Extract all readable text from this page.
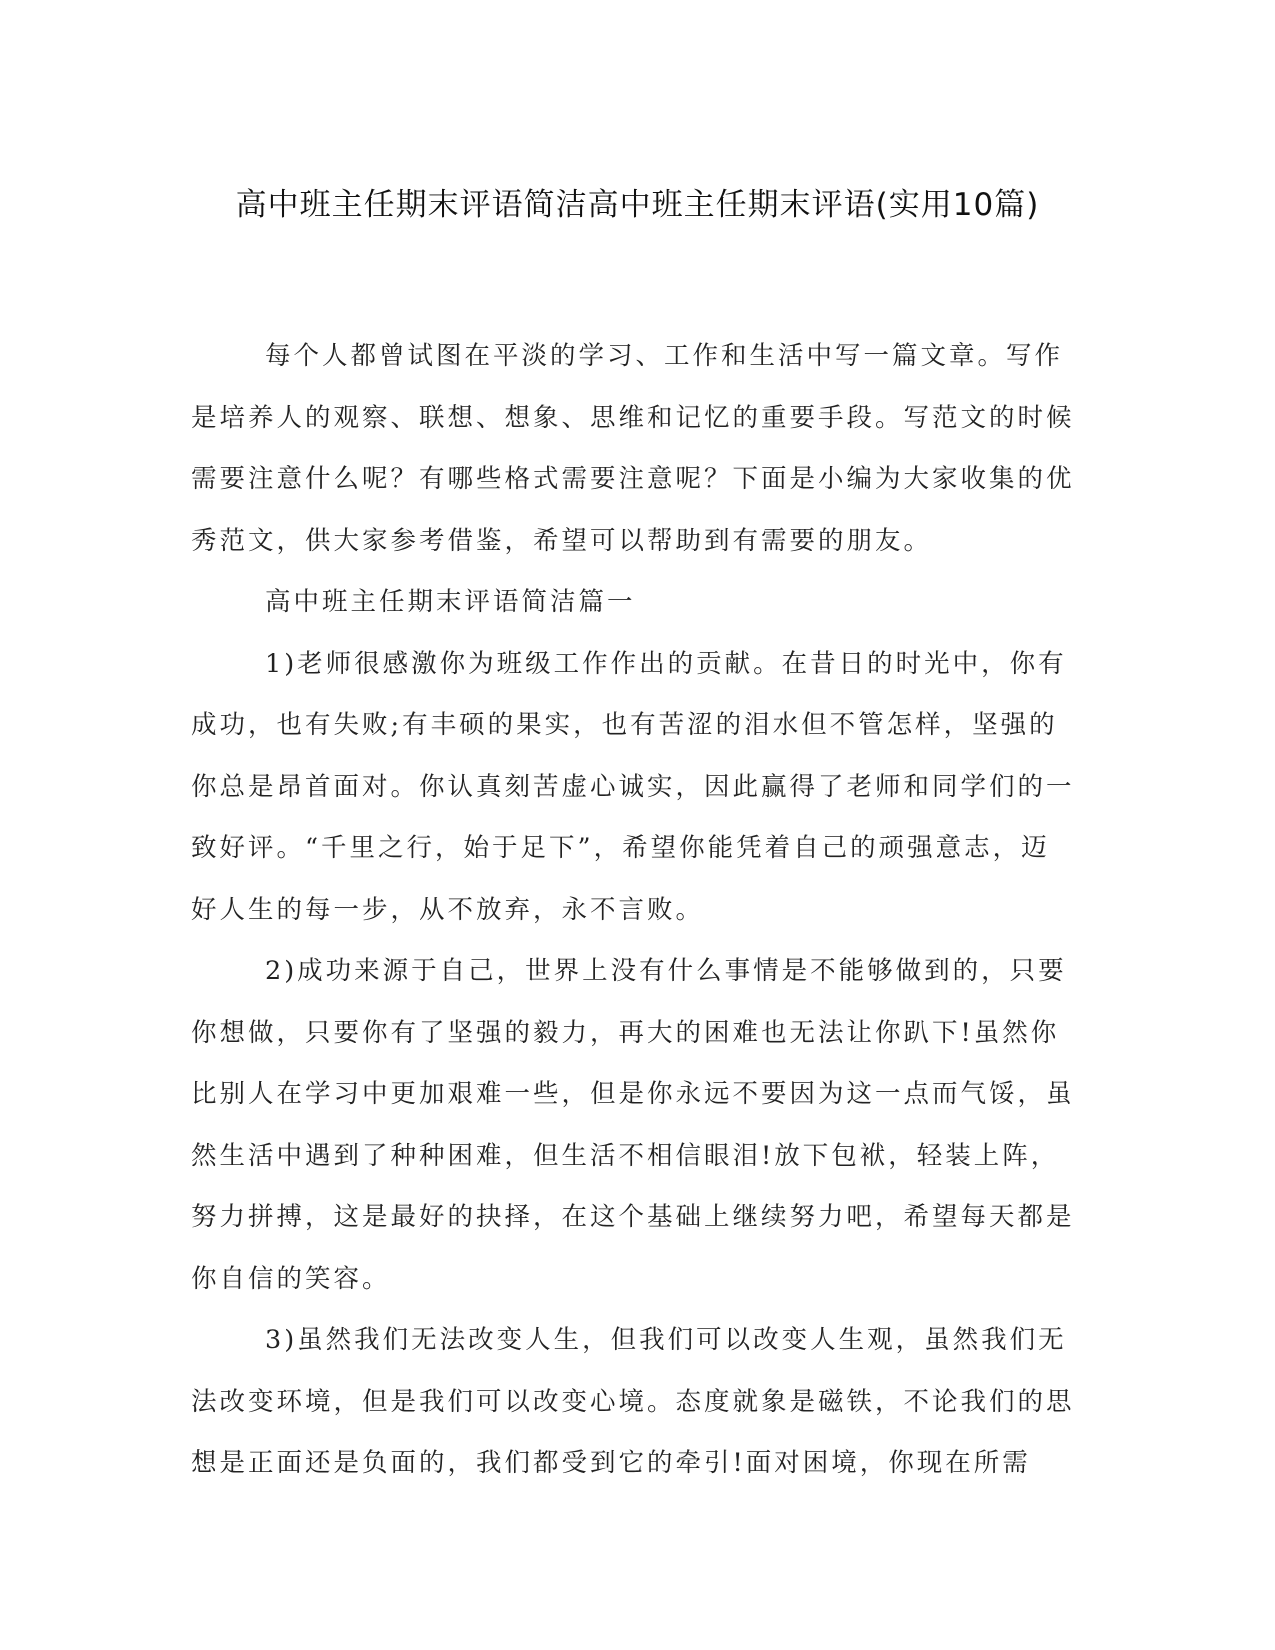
高中班主任期末评语简洁高中班主任期末评语(实用10篇)

每个人都曾试图在平淡的学习、工作和生活中写一篇文章。写作是培养人的观察、联想、想象、思维和记忆的重要手段。写范文的时候需要注意什么呢？有哪些格式需要注意呢？下面是小编为大家收集的优秀范文，供大家参考借鉴，希望可以帮助到有需要的朋友。

高中班主任期末评语简洁篇一

1)老师很感激你为班级工作作出的贡献。在昔日的时光中，你有成功，也有失败;有丰硕的果实，也有苦涩的泪水但不管怎样，坚强的你总是昂首面对。你认真刻苦虚心诚实，因此赢得了老师和同学们的一致好评。“千里之行，始于足下”，希望你能凭着自己的顽强意志，迈好人生的每一步，从不放弃，永不言败。

2)成功来源于自己，世界上没有什么事情是不能够做到的，只要你想做，只要你有了坚强的毅力，再大的困难也无法让你趴下!虽然你比别人在学习中更加艰难一些，但是你永远不要因为这一点而气馁，虽然生活中遇到了种种困难，但生活不相信眼泪!放下包袱，轻装上阵，努力拼搏，这是最好的抉择，在这个基础上继续努力吧，希望每天都是你自信的笑容。

3)虽然我们无法改变人生，但我们可以改变人生观，虽然我们无法改变环境，但是我们可以改变心境。态度就象是磁铁，不论我们的思想是正面还是负面的，我们都受到它的牵引!面对困境，你现在所需
